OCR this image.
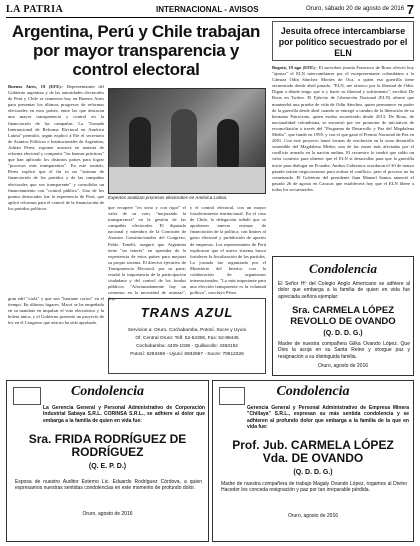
LA PATRIA	INTERNACIONAL - AVISOS	Oruro, sábado 20 de agosto de 2016 7
Argentina, Perú y Chile trabajan por mayor transparencia y control electoral
Jesuita ofrece intercambiarse por político secuestrado por el ELN
Buenos Aires, 19 (EFE).- Representantes del Gobierno argentino y de las autoridades electorales de Perú y Chile se reunieron hoy en Buenos Aires para presentar los últimos progresos de reformas electorales en esos países, entre las que destacan una mayor transparencia y control en la financiación de las campañas. La "Jornada Internacional de Reforma Electoral en América Latina" permitió, según explicó a Efe el secretario de Asuntos Políticos e Institucionales de Argentina, Adrián Pérez, exponer avances en materia de reforma electoral y compartir "las buenas prácticas" que han aplicado los distintos países para lograr "procesos más transparentes". En este sentido, Pérez explicó que el fin es un "sistema de financiación de los partidos y de las campañas electorales que sea transparente" y consolidar un financiamiento con "control público". Uno de los puntos destacados fue la experiencia de Perú, que aplicó reformas para el control de la financiación de los partidos políticos.
gran edil "viola" y que son "bastante cortos" en el tiempo. En últimos lugares, Macri se ha empeñado en su mandato en impulsar el voto electrónico y la boleta única, y el Gobierno presentó un proyecto de ley en el Congreso que aún no ha sido aprobado.
Expertos analizan procesos electorales en América Latina.
que recupere "en serio y con rigor" el valor de su voto, "mejorando la transparencia" en la gestión de las campañas electorales. El diputado nacional y miembro de la Comisión de Asuntos Constitucionales del Congreso, Pablo Tonelli, aseguró que Argentina tiene "un interés" en aprender de la experiencia de estos países para mejorar su propio sistema. El director ejecutivo de Transparencia Electoral, por su parte, resaltó la importancia de la participación ciudadana y del control de los fondos públicos. "Afortunadamente hay un consenso en la necesidad de avanzar", dijo.
y el control electoral, con un mayor fortalecimiento institucional. En el caso de Chile, la delegación señaló que se aprobaron nuevas normas de financiación de la política, con límites al gasto electoral y prohibición de aportes de empresas. Los representantes de Perú explicaron que el nuevo sistema busca fortalecer la fiscalización de los partidos. La jornada fue organizada por el Ministerio del Interior con la colaboración de organismos internacionales. "Lo más importante para una elección transparente es la voluntad política", concluyó Pérez.
TRANS AZUL
Servicios a: Oruro, Cochabamba, Potosí, Sucre y Uyuni
Of. Central Oruro: Telf. 52-54306, Fax: 52-86445
Cochabamba: 4425-1036 - Quillacollo: 4363152
Potosí: 6263496 - Uyuni: 6932867 - Sucre: 70612326
Bogotá, 19 ago (EFE).- El sacerdote jesuita Francisco de Roux ofreció hoy "ajustar" el ELN intercambiarse por el exrepresentante colombiano a la Cámara Odín Sánchez Montes de Oca, a quien esa guerrilla tiene secuestrado desde abril pasado. "ELN, me ofrezco por la libertad de Odín. Digan a dónde tengo que ir y hacer su libertad y sufrimiento", escribió De Roux en Twitter. El Ejército de Liberación Nacional (ELN) afirmó que mantendrá una prueba de vida de Odín Sánchez, quien permanece en poder de la guerrilla desde abril cuando se entregó a cambio de la liberación de su hermano Patrocinio, quien estaba secuestrado desde 2013. De Roux, de nacionalidad colombiana, se encontró por ser promotor de iniciativas de reconciliación a través del "Programa de Desarrollo y Paz del Magdalena Medio", que fundó en 1995, y con el que ganó el Premio Nacional de Paz en 2001. Con este proyecto lanzó formas de resolución en la zona desarrollo sostenible del Magdalena Medio, una de las zonas más afectadas por el conflicto armado en la nación andina. El secuestro lo tendrá que saldo un valor contexto para obtener que el ELN sí desarrollar para que la guerrilla inicie para dialogar en Ecuador. Ambos Gobiernos acordaron el 30 de marzo pasado iniciar negociaciones para acabar el conflicto, pero el proceso no ha comenzado. El Gobierno del presidente Juan Manuel Santos anunció el pasado 26 de agosto en Caracas que establecerá hoy que el ELN libere a todos los secuestrados.
Condolencia
El Señor Hº del Colegio Anglo Americano se adhiere al dolor que embarga a la familia de quien en vida fue apreciada señora ejemplar:
Sra. CARMELA LÓPEZ REVOLLO DE OVANDO
(Q. D. D. G.)
Madre de nuestra compañera Gilka Ovando López. Que Dios la acoja en su Santa Reino y otorgue paz y resignación a su distinguida familia.
Oruro, agosto de 2016
Condolencia
La Gerencia General y Personal Administrativo de Corporación Industrial Sabaya S.R.L. CORINSA S.R.L., se adhiere al dolor que embarga a la familia de quien en vida fue:
Sra. FRIDA RODRÍGUEZ DE RODRÍGUEZ
(Q. E. P. D.)
Esposa de nuestro Auditor Externo Lic. Eduardo Rodríguez Córdova, a quien expresamos nuestras sentidas condolencias en este momento de profundo dolor.
Oruro, agosto de 2016
Condolencia
Gerencia General y Personal Administrativo de Empresa Minera "Chillaya" S.R.L., expresan su más sentida condolencia y se adhieren al profundo dolor que embarga a la familia de la que en vida fue:
Prof. Jub. CARMELA LÓPEZ Vda. DE OVANDO
(Q. D. D. G.)
Madre de nuestra compañera de trabajo Magaly Ovando López, rogamos al Divino Hacedor les conceda resignación y paz por tan irreparable pérdida.
Oruro, agosto de 2016
